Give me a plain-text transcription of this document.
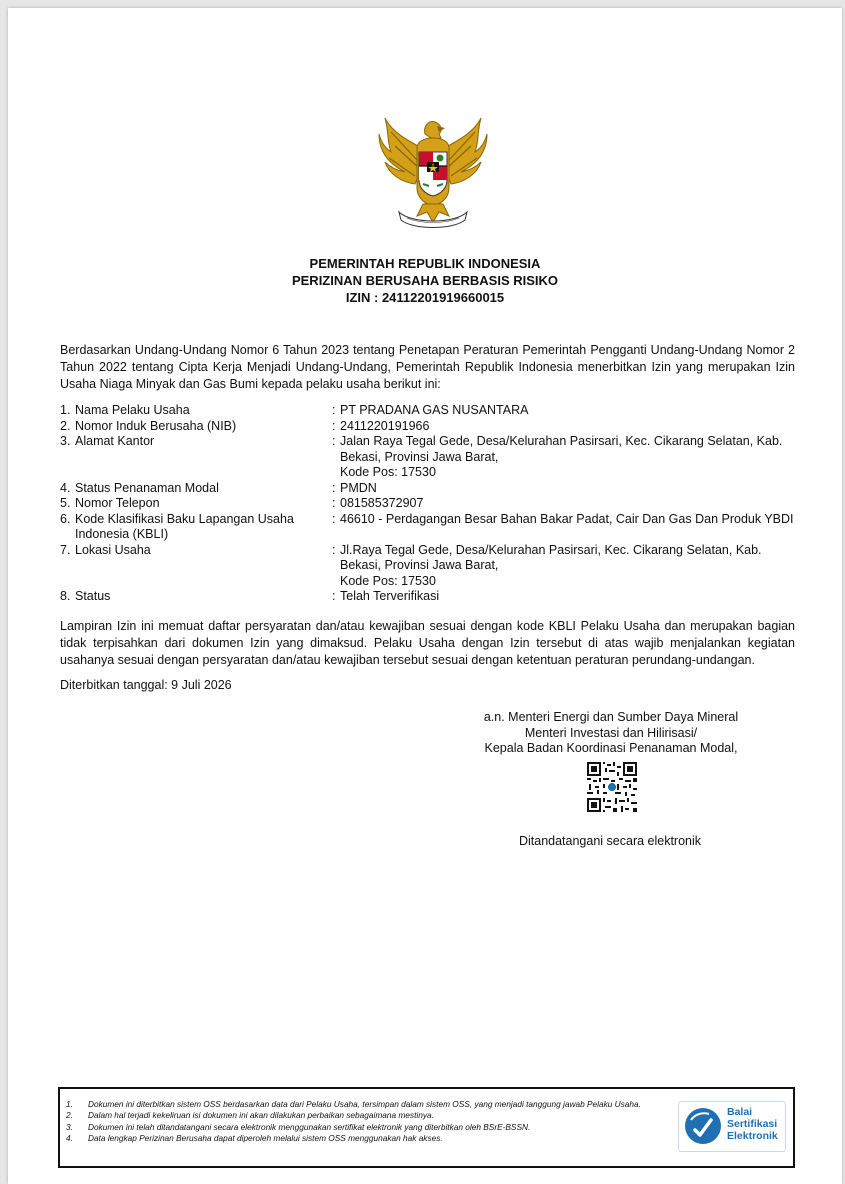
PEMERINTAH REPUBLIK INDONESIA
PERIZINAN BERUSAHA BERBASIS RISIKO
IZIN : 24112201919660015
Berdasarkan Undang-Undang Nomor 6 Tahun 2023 tentang Penetapan Peraturan Pemerintah Pengganti Undang-Undang Nomor 2 Tahun 2022 tentang Cipta Kerja Menjadi Undang-Undang, Pemerintah Republik Indonesia menerbitkan Izin yang merupakan Izin Usaha Niaga Minyak dan Gas Bumi kepada pelaku usaha berikut ini:
1. Nama Pelaku Usaha	: PT PRADANA GAS NUSANTARA
2. Nomor Induk Berusaha (NIB)	: 2411220191966
3. Alamat Kantor	: Jalan Raya Tegal Gede, Desa/Kelurahan Pasirsari, Kec. Cikarang Selatan, Kab. Bekasi, Provinsi Jawa Barat,
Kode Pos: 17530
4. Status Penanaman Modal	: PMDN
5. Nomor Telepon	: 081585372907
6. Kode Klasifikasi Baku Lapangan Usaha Indonesia (KBLI)
: 46610 - Perdagangan Besar Bahan Bakar Padat, Cair Dan Gas Dan Produk YBDI
7. Lokasi Usaha	: Jl.Raya Tegal Gede, Desa/Kelurahan Pasirsari, Kec. Cikarang Selatan, Kab. Bekasi, Provinsi Jawa Barat,
Kode Pos: 17530
8. Status	: Telah Terverifikasi
Lampiran Izin ini memuat daftar persyaratan dan/atau kewajiban sesuai dengan kode KBLI Pelaku Usaha dan merupakan bagian tidak terpisahkan dari dokumen Izin yang dimaksud. Pelaku Usaha dengan Izin tersebut di atas wajib menjalankan kegiatan usahanya sesuai dengan persyaratan dan/atau kewajiban tersebut sesuai dengan ketentuan peraturan perundang-undangan.
Diterbitkan tanggal: 9 Juli 2026
a.n. Menteri Energi dan Sumber Daya Mineral
Menteri Investasi dan Hilirisasi/
Kepala Badan Koordinasi Penanaman Modal,
Ditandatangani secara elektronik
1.	Dokumen ini diterbitkan sistem OSS berdasarkan data dari Pelaku Usaha, tersimpan dalam sistem OSS, yang menjadi tanggung jawab Pelaku Usaha.
2.	Dalam hal terjadi kekeliruan isi dokumen ini akan dilakukan perbaikan sebagaimana mestinya.
3.	Dokumen ini telah ditandatangani secara elektronik menggunakan sertifikat elektronik yang diterbitkan oleh BSrE-BSSN.
4.	Data lengkap Perizinan Berusaha dapat diperoleh melalui sistem OSS menggunakan hak akses.
Balai
Sertifikasi
Elektronik
